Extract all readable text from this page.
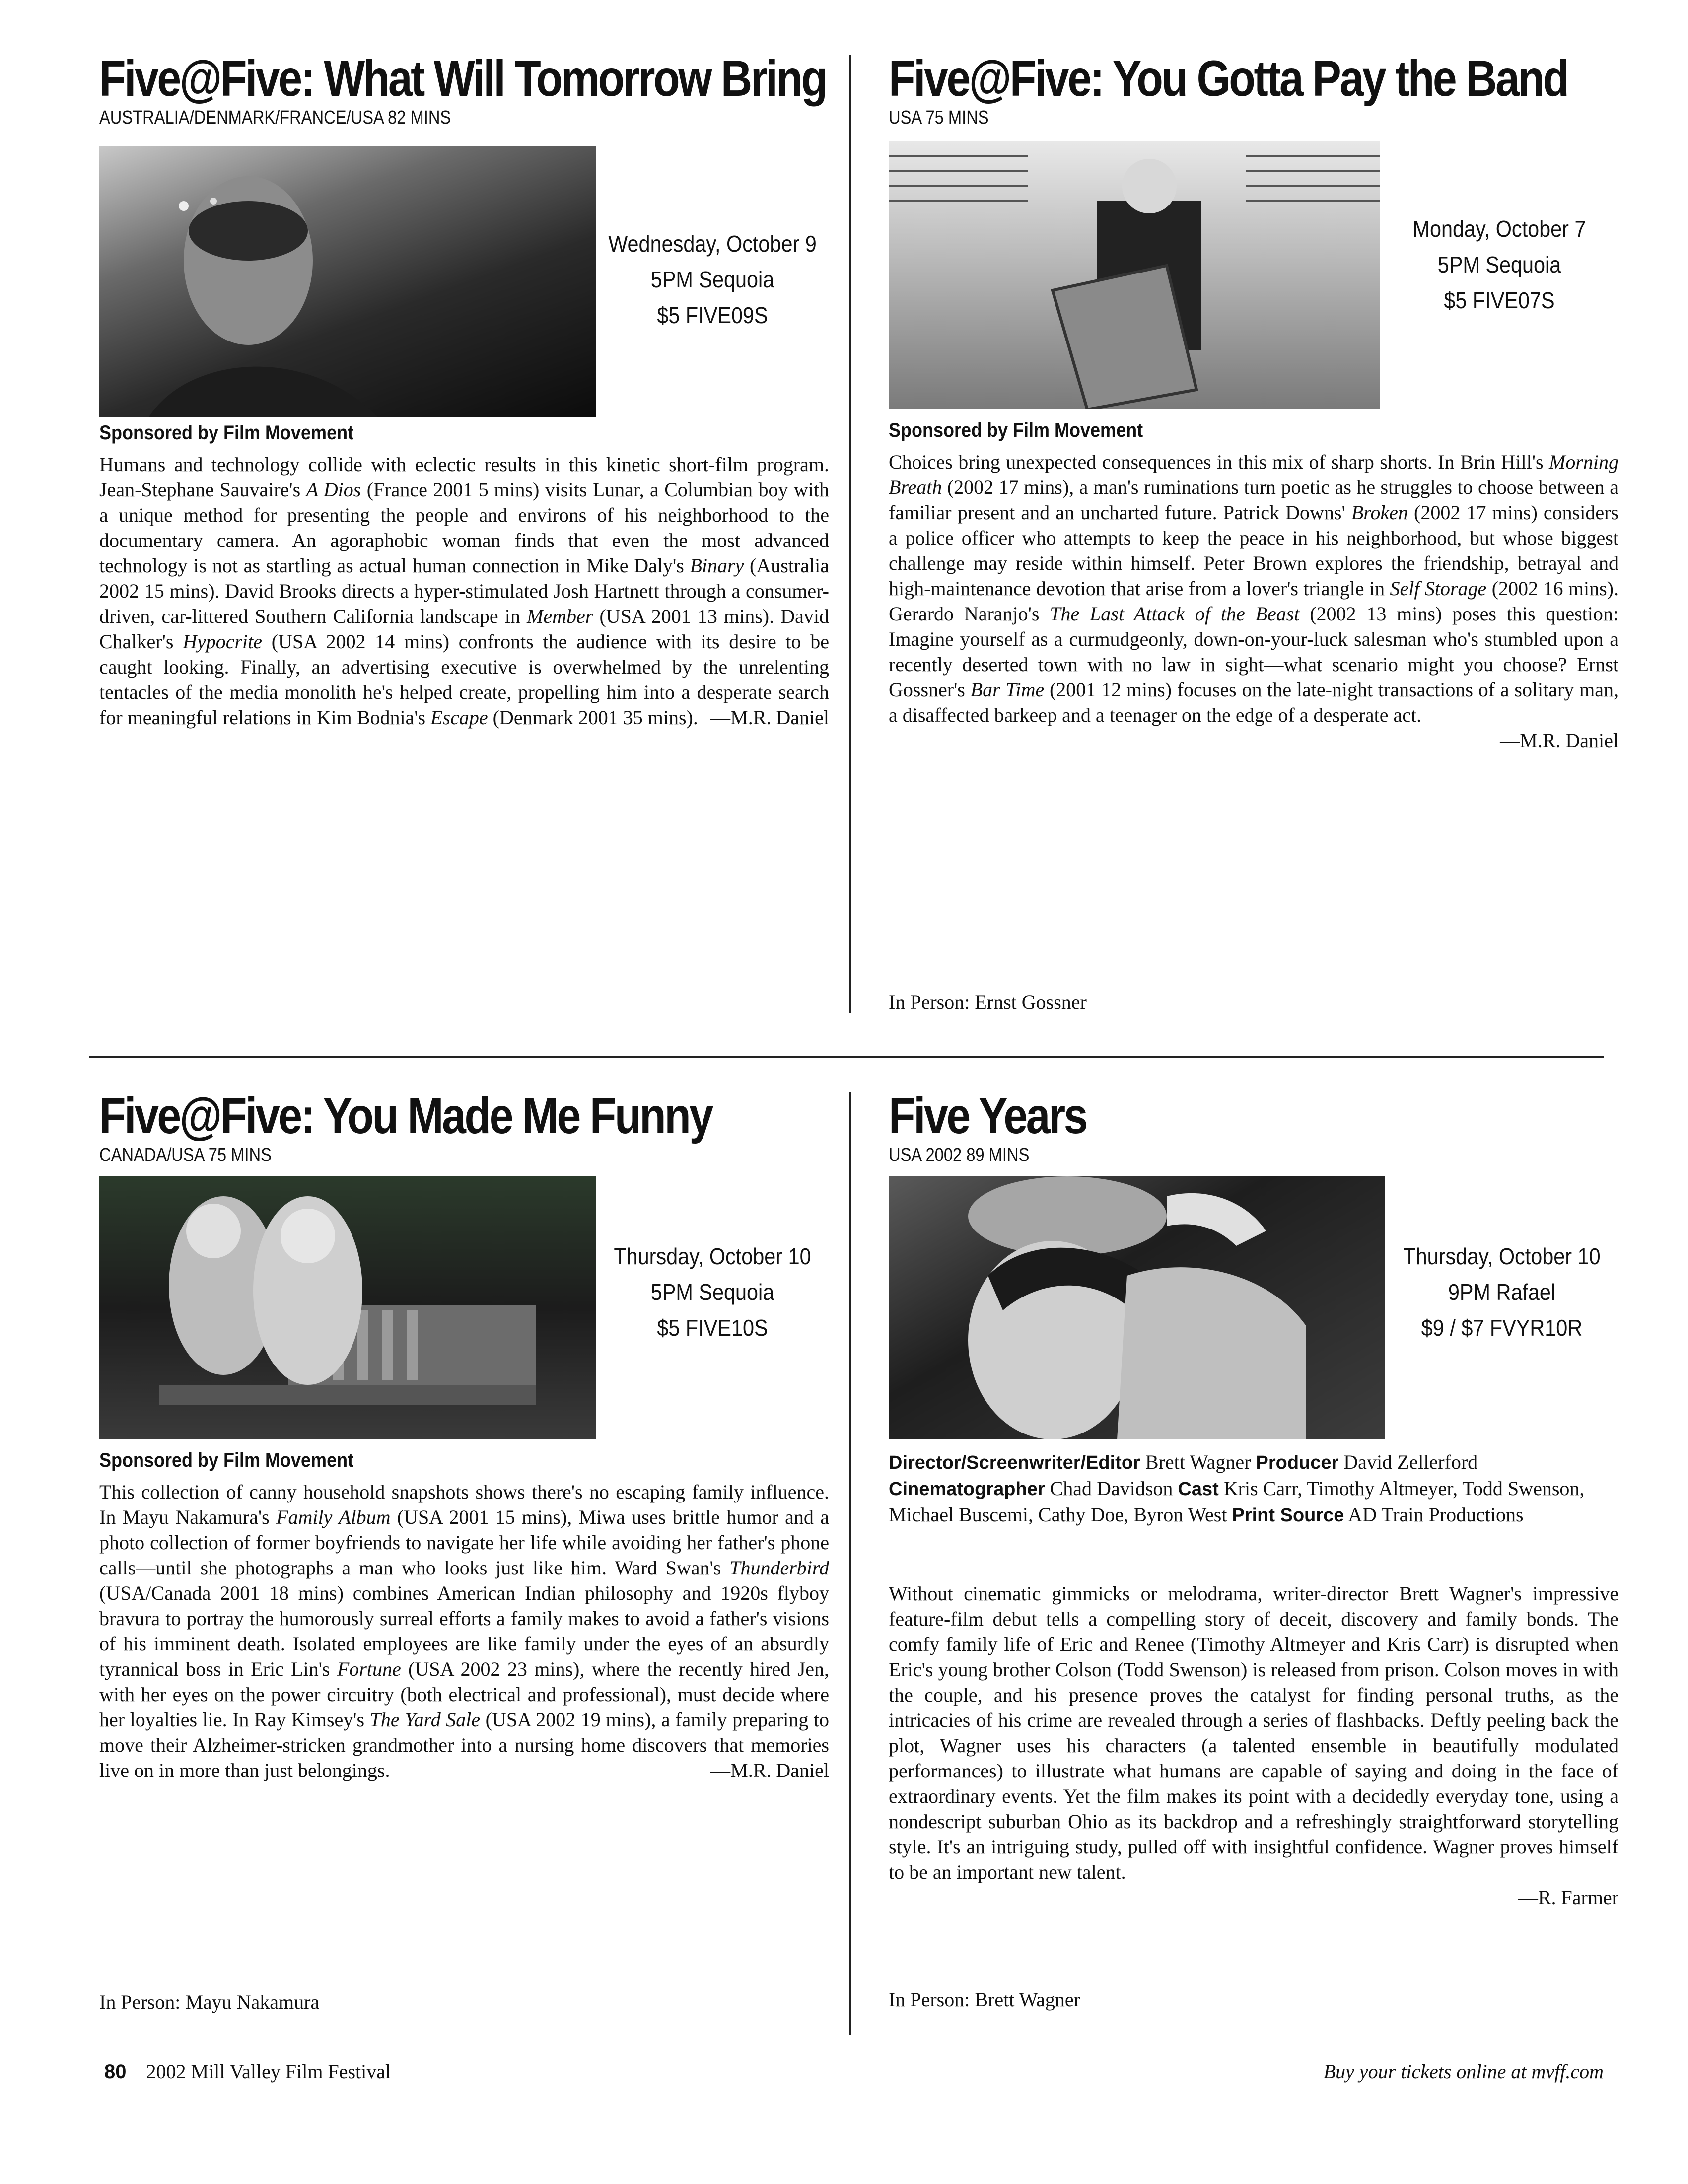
Five@Five: What Will Tomorrow Bring
AUSTRALIA/DENMARK/FRANCE/USA 82 MINS
Wednesday, October 9
5PM Sequoia
$5 FIVE09S
Sponsored by Film Movement
Humans and technology collide with eclectic results in this kinetic short-film program. Jean-Stephane Sauvaire's A Dios (France 2001 5 mins) visits Lunar, a Columbian boy with a unique method for presenting the people and environs of his neighborhood to the documentary camera. An agoraphobic woman finds that even the most advanced technology is not as startling as actual human connection in Mike Daly's Binary (Australia 2002 15 mins). David Brooks directs a hyper-stimulated Josh Hartnett through a consumer-driven, car-littered Southern California landscape in Member (USA 2001 13 mins). David Chalker's Hypocrite (USA 2002 14 mins) confronts the audience with its desire to be caught looking. Finally, an advertising executive is overwhelmed by the unrelenting tentacles of the media monolith he's helped create, propelling him into a desperate search for meaningful relations in Kim Bodnia's Escape (Denmark 2001 35 mins). —M.R. Daniel
Five@Five: You Gotta Pay the Band
USA 75 MINS
Monday, October 7
5PM Sequoia
$5 FIVE07S
Sponsored by Film Movement
Choices bring unexpected consequences in this mix of sharp shorts. In Brin Hill's Morning Breath (2002 17 mins), a man's ruminations turn poetic as he struggles to choose between a familiar present and an uncharted future. Patrick Downs' Broken (2002 17 mins) considers a police officer who attempts to keep the peace in his neighborhood, but whose biggest challenge may reside within himself. Peter Brown explores the friendship, betrayal and high-maintenance devotion that arise from a lover's triangle in Self Storage (2002 16 mins). Gerardo Naranjo's The Last Attack of the Beast (2002 13 mins) poses this question: Imagine yourself as a curmudgeonly, down-on-your-luck salesman who's stumbled upon a recently deserted town with no law in sight—what scenario might you choose? Ernst Gossner's Bar Time (2001 12 mins) focuses on the late-night transactions of a solitary man, a disaffected barkeep and a teenager on the edge of a desperate act.
—M.R. Daniel
In Person: Ernst Gossner
Five@Five: You Made Me Funny
CANADA/USA 75 MINS
Thursday, October 10
5PM Sequoia
$5 FIVE10S
Sponsored by Film Movement
This collection of canny household snapshots shows there's no escaping family influence. In Mayu Nakamura's Family Album (USA 2001 15 mins), Miwa uses brittle humor and a photo collection of former boyfriends to navigate her life while avoiding her father's phone calls—until she photographs a man who looks just like him. Ward Swan's Thunderbird (USA/Canada 2001 18 mins) combines American Indian philosophy and 1920s flyboy bravura to portray the humorously surreal efforts a family makes to avoid a father's visions of his imminent death. Isolated employees are like family under the eyes of an absurdly tyrannical boss in Eric Lin's Fortune (USA 2002 23 mins), where the recently hired Jen, with her eyes on the power circuitry (both electrical and professional), must decide where her loyalties lie. In Ray Kimsey's The Yard Sale (USA 2002 19 mins), a family preparing to move their Alzheimer-stricken grandmother into a nursing home discovers that memories live on in more than just belongings.	—M.R. Daniel
In Person: Mayu Nakamura
Five Years
USA 2002 89 MINS
Thursday, October 10
9PM Rafael
$9 / $7 FVYR10R
Director/Screenwriter/Editor Brett Wagner Producer David Zellerford Cinematographer Chad Davidson Cast Kris Carr, Timothy Altmeyer, Todd Swenson, Michael Buscemi, Cathy Doe, Byron West Print Source AD Train Productions
Without cinematic gimmicks or melodrama, writer-director Brett Wagner's impressive feature-film debut tells a compelling story of deceit, discovery and family bonds. The comfy family life of Eric and Renee (Timothy Altmeyer and Kris Carr) is disrupted when Eric's young brother Colson (Todd Swenson) is released from prison. Colson moves in with the couple, and his presence proves the catalyst for finding personal truths, as the intricacies of his crime are revealed through a series of flashbacks. Deftly peeling back the plot, Wagner uses his characters (a talented ensemble in beautifully modulated performances) to illustrate what humans are capable of saying and doing in the face of extraordinary events. Yet the film makes its point with a decidedly everyday tone, using a nondescript suburban Ohio as its backdrop and a refreshingly straightforward storytelling style. It's an intriguing study, pulled off with insightful confidence. Wagner proves himself to be an important new talent.
—R. Farmer
In Person: Brett Wagner
80 2002 Mill Valley Film Festival	Buy your tickets online at mvff.com
